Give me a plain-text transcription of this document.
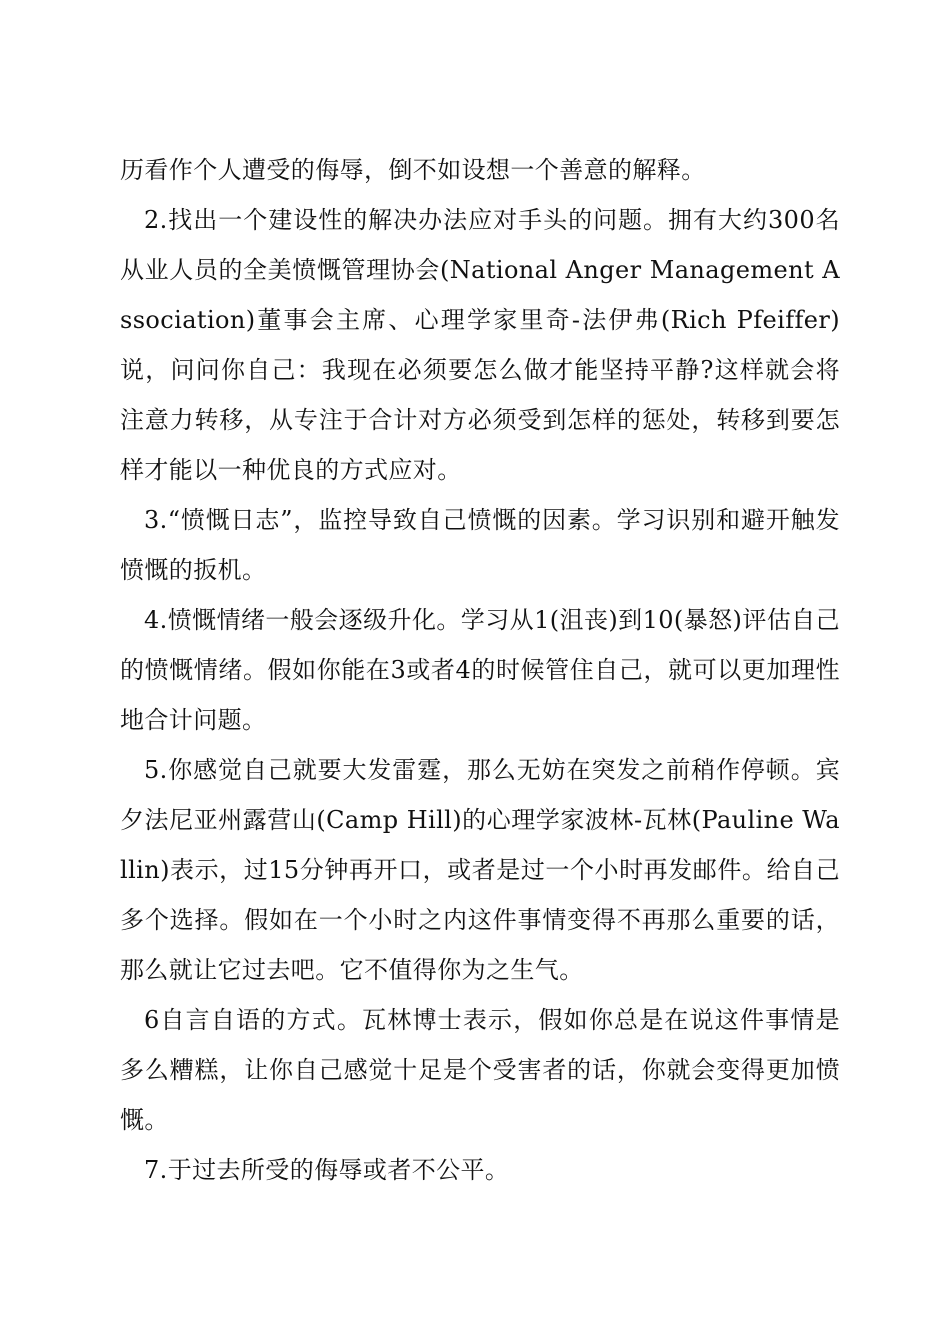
历看作个人遭受的侮辱，倒不如设想一个善意的解释。

2.找出一个建设性的解决办法应对手头的问题。拥有大约300名从业人员的全美愤慨管理协会(National Anger Management Association)董事会主席、心理学家里奇-法伊弗(Rich Pfeiffer)说，问问你自己：我现在必须要怎么做才能坚持平静?这样就会将注意力转移，从专注于合计对方必须受到怎样的惩处，转移到要怎样才能以一种优良的方式应对。

3.“愤慨日志”，监控导致自己愤慨的因素。学习识别和避开触发愤慨的扳机。

4.愤慨情绪一般会逐级升化。学习从1(沮丧)到10(暴怒)评估自己的愤慨情绪。假如你能在3或者4的时候管住自己，就可以更加理性地合计问题。

5.你感觉自己就要大发雷霆，那么无妨在突发之前稍作停顿。宾夕法尼亚州露营山(Camp Hill)的心理学家波林-瓦林(Pauline Wallin)表示，过15分钟再开口，或者是过一个小时再发邮件。给自己多个选择。假如在一个小时之内这件事情变得不再那么重要的话，那么就让它过去吧。它不值得你为之生气。

6自言自语的方式。瓦林博士表示，假如你总是在说这件事情是多么糟糕，让你自己感觉十足是个受害者的话，你就会变得更加愤慨。

7.于过去所受的侮辱或者不公平。
